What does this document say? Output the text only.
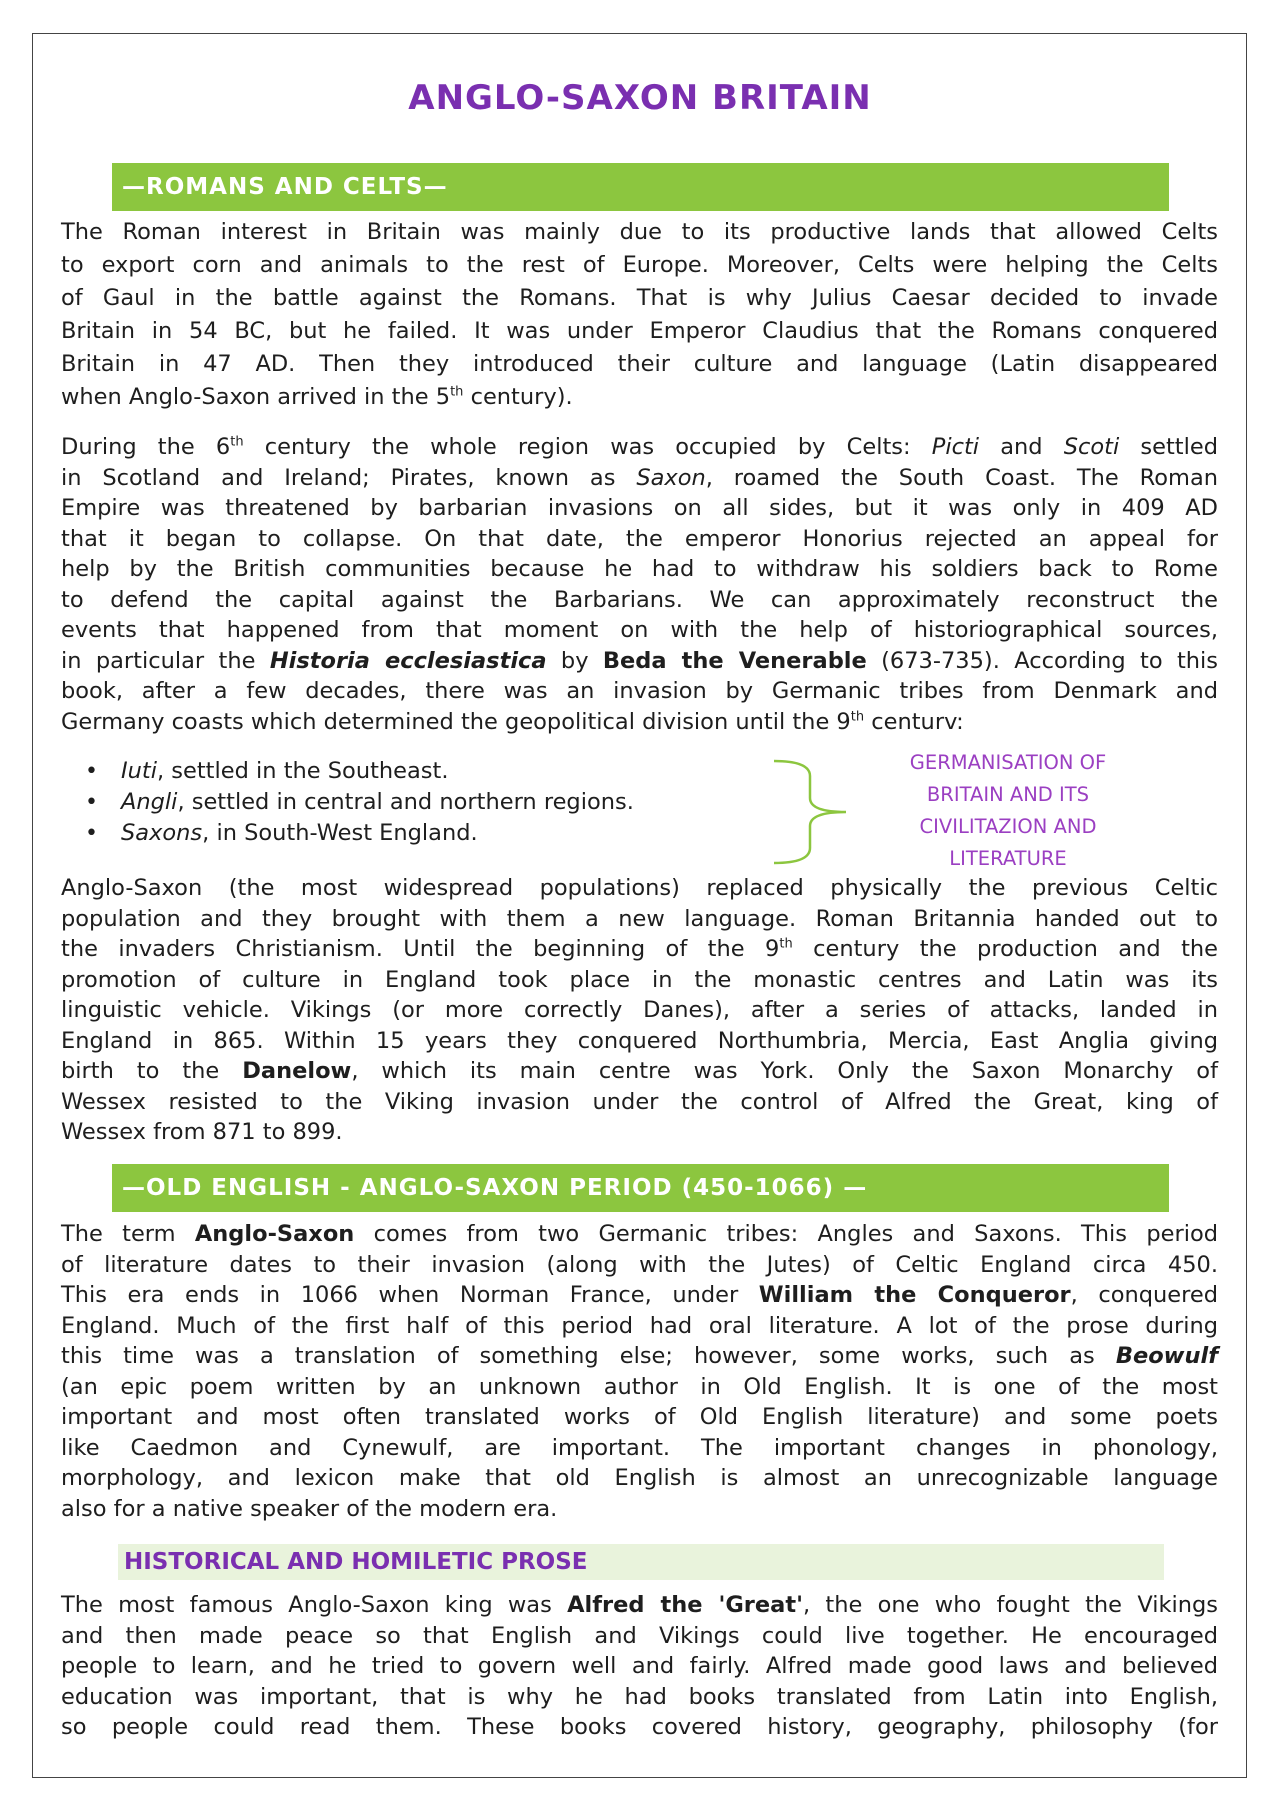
ANGLO-SAXON BRITAIN
—ROMANS AND CELTS—
The Roman interest in Britain was mainly due to its productive lands that allowed Celts
to export corn and animals to the rest of Europe. Moreover, Celts were helping the Celts
of Gaul in the battle against the Romans. That is why Julius Caesar decided to invade
Britain in 54 BC, but he failed. It was under Emperor Claudius that the Romans conquered
Britain in 47 AD. Then they introduced their culture and language (Latin disappeared
when Anglo-Saxon arrived in the 5th century).
During the 6th century the whole region was occupied by Celts: Picti and Scoti settled
in Scotland and Ireland; Pirates, known as Saxon, roamed the South Coast. The Roman
Empire was threatened by barbarian invasions on all sides, but it was only in 409 AD
that it began to collapse. On that date, the emperor Honorius rejected an appeal for
help by the British communities because he had to withdraw his soldiers back to Rome
to defend the capital against the Barbarians. We can approximately reconstruct the
events that happened from that moment on with the help of historiographical sources,
in particular the Historia ecclesiastica by Beda the Venerable (673-735). According to this
book, after a few decades, there was an invasion by Germanic tribes from Denmark and
Germany coasts which determined the geopolitical division until the 9th centurv:
• Iuti, settled in the Southeast.
• Angli, settled in central and northern regions.
• Saxons, in South-West England.
GERMANISATION OF
BRITAIN AND ITS
CIVILITAZION AND
LITERATURE
Anglo-Saxon (the most widespread populations) replaced physically the previous Celtic
population and they brought with them a new language. Roman Britannia handed out to
the invaders Christianism. Until the beginning of the 9th century the production and the
promotion of culture in England took place in the monastic centres and Latin was its
linguistic vehicle. Vikings (or more correctly Danes), after a series of attacks, landed in
England in 865. Within 15 years they conquered Northumbria, Mercia, East Anglia giving
birth to the Danelow, which its main centre was York. Only the Saxon Monarchy of
Wessex resisted to the Viking invasion under the control of Alfred the Great, king of
Wessex from 871 to 899.
—OLD ENGLISH - ANGLO-SAXON PERIOD (450-1066) —
The term Anglo-Saxon comes from two Germanic tribes: Angles and Saxons. This period
of literature dates to their invasion (along with the Jutes) of Celtic England circa 450.
This era ends in 1066 when Norman France, under William the Conqueror, conquered
England. Much of the first half of this period had oral literature. A lot of the prose during
this time was a translation of something else; however, some works, such as Beowulf
(an epic poem written by an unknown author in Old English. It is one of the most
important and most often translated works of Old English literature) and some poets
like Caedmon and Cynewulf, are important. The important changes in phonology,
morphology, and lexicon make that old English is almost an unrecognizable language
also for a native speaker of the modern era.
HISTORICAL AND HOMILETIC PROSE
The most famous Anglo-Saxon king was Alfred the 'Great', the one who fought the Vikings
and then made peace so that English and Vikings could live together. He encouraged
people to learn, and he tried to govern well and fairly. Alfred made good laws and believed
education was important, that is why he had books translated from Latin into English,
so people could read them. These books covered history, geography, philosophy (for
